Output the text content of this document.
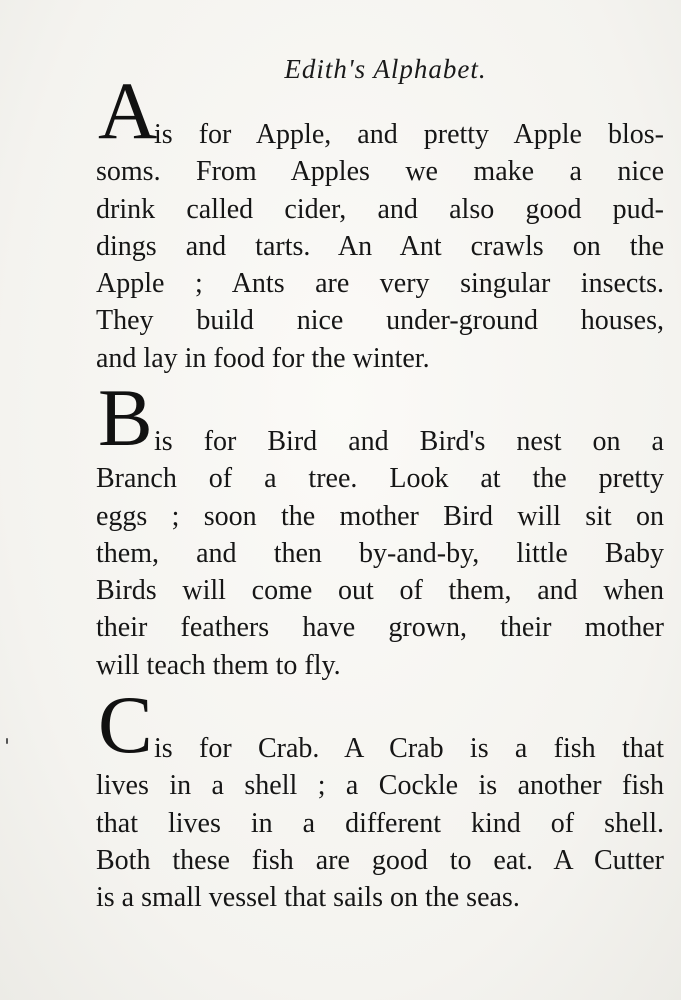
Edith's Alphabet.
A
is for Apple, and pretty Apple blos-
soms. From Apples we make a nice
drink called cider, and also good pud-
dings and tarts. An Ant crawls on the
Apple ; Ants are very singular insects.
They build nice under-ground houses,
and lay in food for the winter.
B is for Bird and Bird's nest on a
Branch of a tree. Look at the pretty
eggs ; soon the mother Bird will sit on
them, and then by-and-by, little Baby
Birds will come out of them, and when
their feathers have grown, their mother
will teach them to fly.
C is for Crab. A Crab is a fish that
lives in a shell ; a Cockle is another fish
that lives in a different kind of shell.
Both these fish are good to eat. A Cutter
is a small vessel that sails on the seas.
